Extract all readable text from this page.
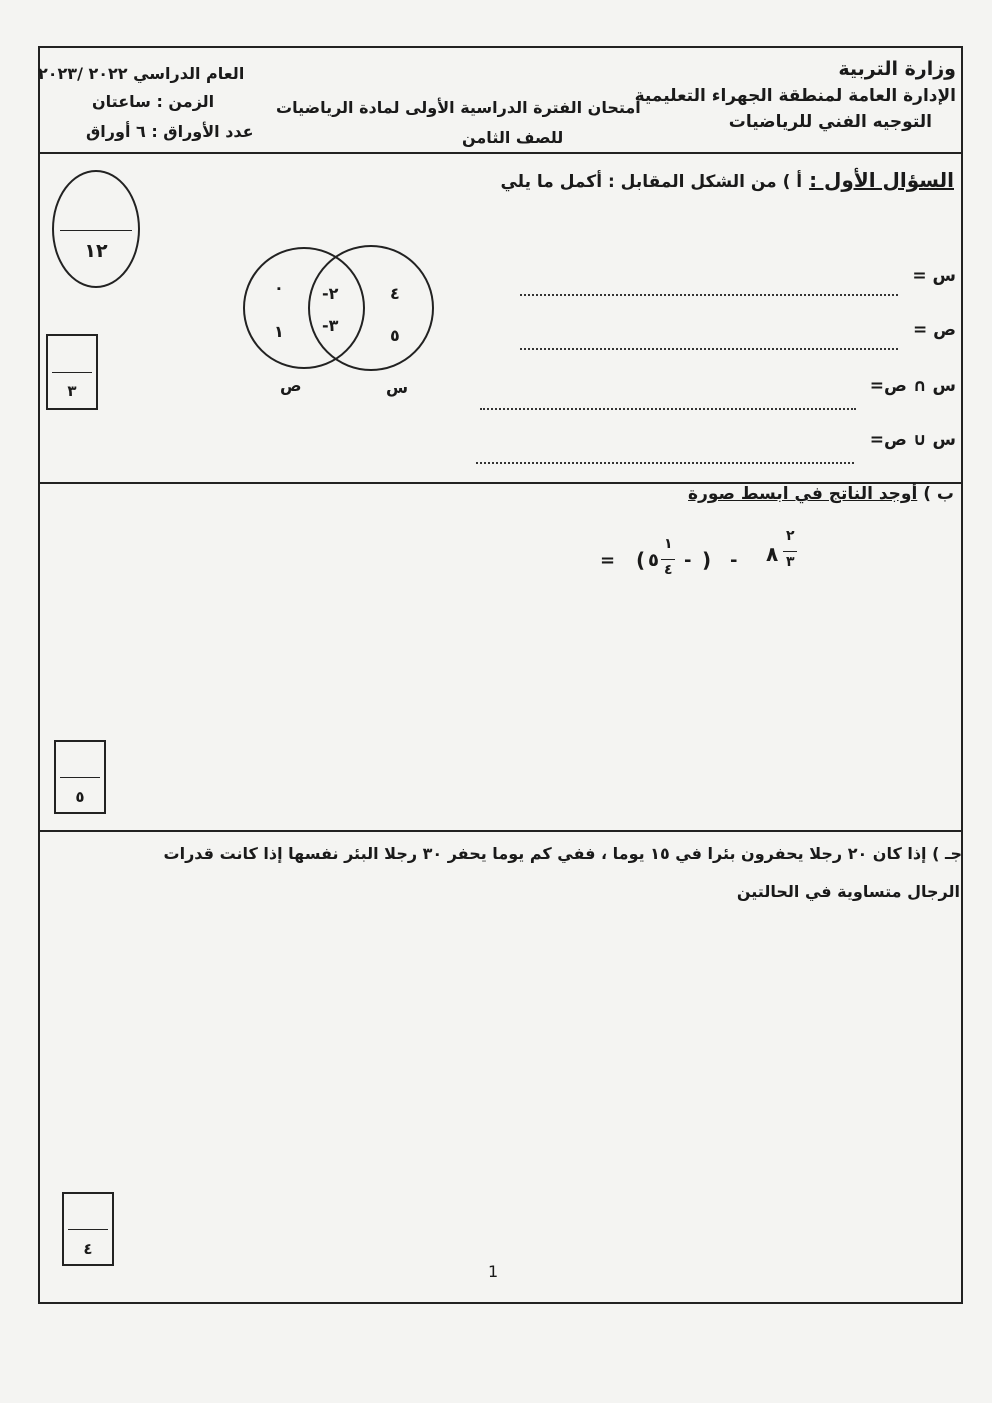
وزارة التربية
الإدارة العامة لمنطقة الجهراء التعليمية
التوجيه الفني للرياضيات
امتحان الفترة الدراسية الأولى لمادة الرياضيات
للصف الثامن
العام الدراسي ٢٠٢٢ /٢٠٢٣
الزمن : ساعتان
عدد الأوراق : ٦ أوراق
السؤال الأول : أ ) من الشكل المقابل : أكمل ما يلي
١٢
٣
٠
١
-٢
-٣
٤
٥
ص	س
س =
ص =
س ∩ ص=
س ∪ ص=
ب ) أوجد الناتج في ابسط صورة
= ( ٥
١
٤ - ) - ٨
٢
٣
٥
جـ ) إذا كان ٢٠ رجلا يحفرون بئرا في ١٥ يوما ، ففي كم يوما يحفر ٣٠ رجلا البئر نفسها إذا كانت قدرات
الرجال متساوية في الحالتين
٤
1
